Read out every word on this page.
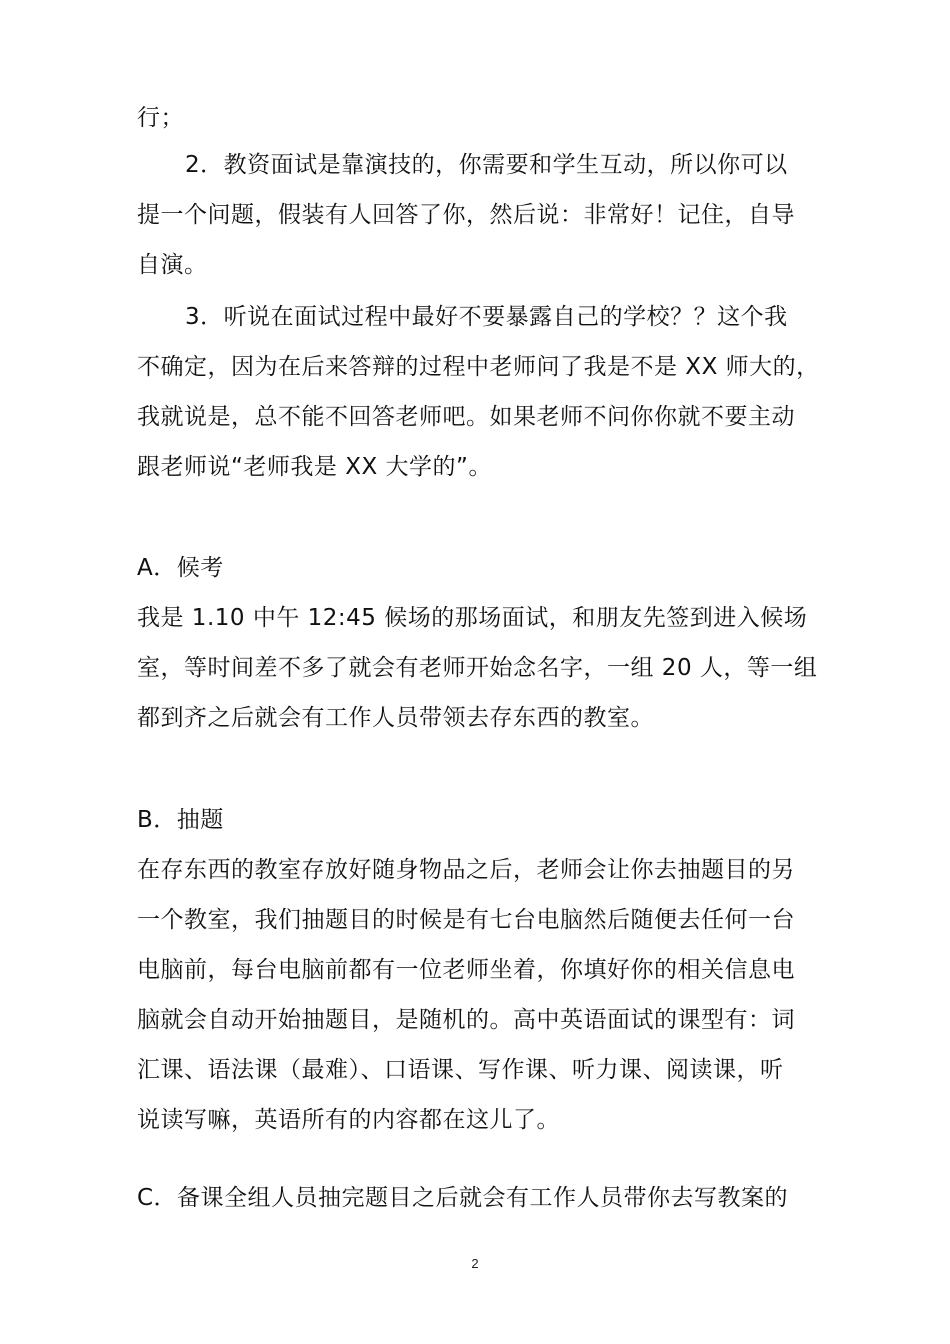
行；
2．教资面试是靠演技的，你需要和学生互动，所以你可以
提一个问题，假装有人回答了你，然后说：非常好！记住，自导
自演。
3．听说在面试过程中最好不要暴露自己的学校？？这个我
不确定，因为在后来答辩的过程中老师问了我是不是 XX 师大的，
我就说是，总不能不回答老师吧。如果老师不问你你就不要主动
跟老师说“老师我是 XX 大学的”。
A．候考
我是 1.10 中午 12:45 候场的那场面试，和朋友先签到进入候场
室，等时间差不多了就会有老师开始念名字，一组 20 人，等一组
都到齐之后就会有工作人员带领去存东西的教室。
B．抽题
在存东西的教室存放好随身物品之后，老师会让你去抽题目的另
一个教室，我们抽题目的时候是有七台电脑然后随便去任何一台
电脑前，每台电脑前都有一位老师坐着，你填好你的相关信息电
脑就会自动开始抽题目，是随机的。高中英语面试的课型有：词
汇课、语法课（最难）、口语课、写作课、听力课、阅读课，听
说读写嘛，英语所有的内容都在这儿了。
C．备课全组人员抽完题目之后就会有工作人员带你去写教案的
2
